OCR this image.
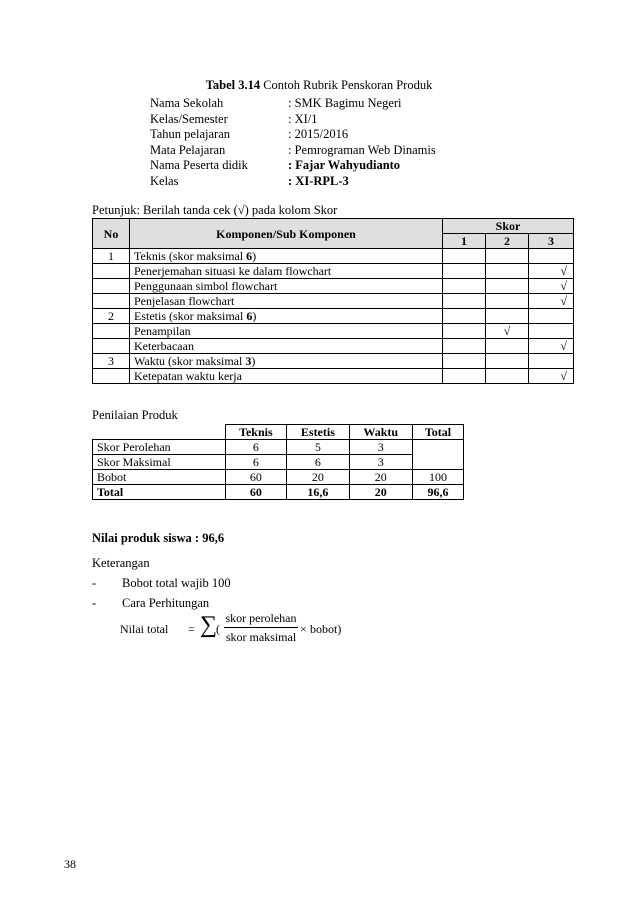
Tabel 3.14 Contoh Rubrik Penskoran Produk
Nama Sekolah	: SMK Bagimu Negeri
Kelas/Semester	: XI/1
Tahun pelajaran	: 2015/2016
Mata Pelajaran	: Pemrograman Web Dinamis
Nama Peserta didik	: Fajar Wahyudianto
Kelas	: XI-RPL-3
Petunjuk: Berilah tanda cek (√) pada kolom Skor
No	Komponen/Sub Komponen	Skor		
		1	2	3
1	Teknis (skor maksimal 6)			
	Penerjemahan situasi ke dalam flowchart			√
	Penggunaan simbol flowchart			√
	Penjelasan flowchart			√
2	Estetis (skor maksimal 6)			
	Penampilan		√	
	Keterbacaan			√
3	Waktu (skor maksimal 3)			
	Ketepatan waktu kerja			√
Penilaian Produk
	Teknis	Estetis	Waktu	Total
Skor Perolehan	6	5	3	
Skor Maksimal	6	6	3	
Bobot	60	20	20	100
Total	60	16,6	20	96,6
Nilai produk siswa : 96,6
Keterangan
- Bobot total wajib 100
- Cara Perhitungan
Nilai total = ∑
(
skor perolehan
skor maksimal
× bobot)
38
